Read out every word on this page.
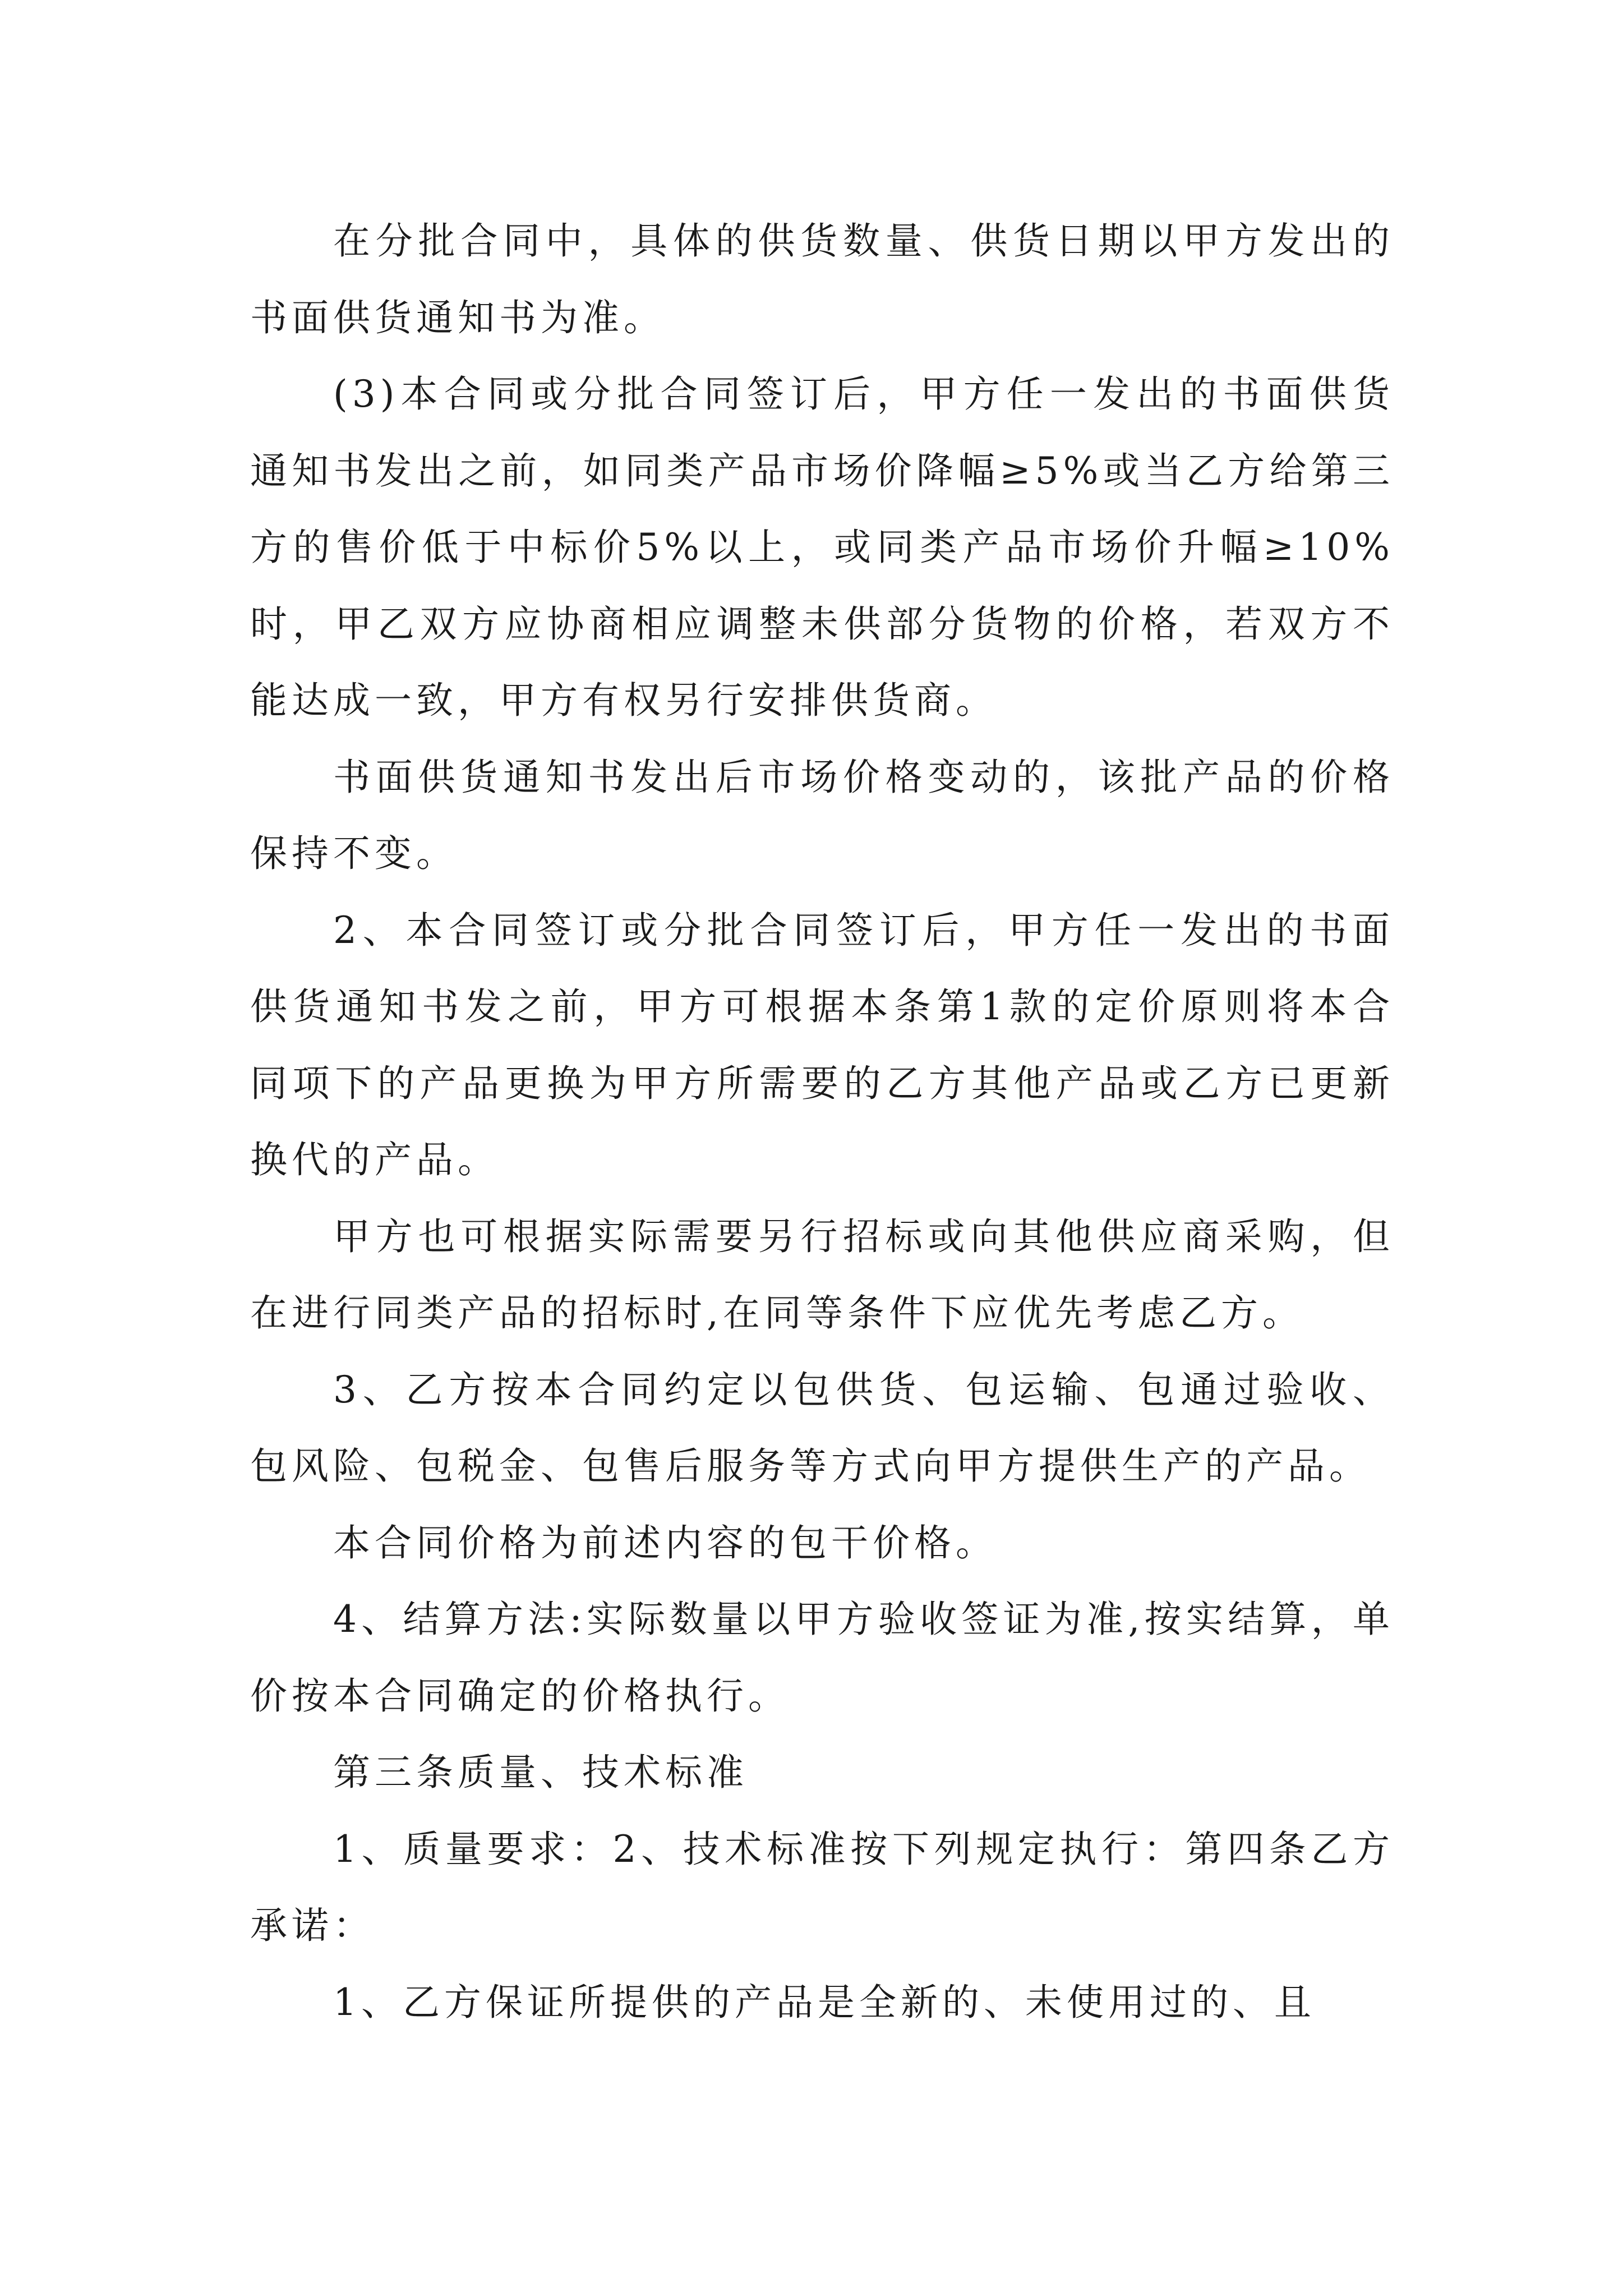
在分批合同中，具体的供货数量、供货日期以甲方发出的书面供货通知书为准。

(3)本合同或分批合同签订后，甲方任一发出的书面供货通知书发出之前，如同类产品市场价降幅≥5%或当乙方给第三方的售价低于中标价5%以上，或同类产品市场价升幅≥10%时，甲乙双方应协商相应调整未供部分货物的价格，若双方不能达成一致，甲方有权另行安排供货商。

书面供货通知书发出后市场价格变动的，该批产品的价格保持不变。

2、本合同签订或分批合同签订后，甲方任一发出的书面供货通知书发之前，甲方可根据本条第1款的定价原则将本合同项下的产品更换为甲方所需要的乙方其他产品或乙方已更新换代的产品。

甲方也可根据实际需要另行招标或向其他供应商采购，但在进行同类产品的招标时,在同等条件下应优先考虑乙方。

3、乙方按本合同约定以包供货、包运输、包通过验收、包风险、包税金、包售后服务等方式向甲方提供生产的产品。

本合同价格为前述内容的包干价格。

4、结算方法:实际数量以甲方验收签证为准,按实结算，单价按本合同确定的价格执行。

第三条质量、技术标准

1、质量要求：2、技术标准按下列规定执行：第四条乙方承诺：

1、乙方保证所提供的产品是全新的、未使用过的、且
